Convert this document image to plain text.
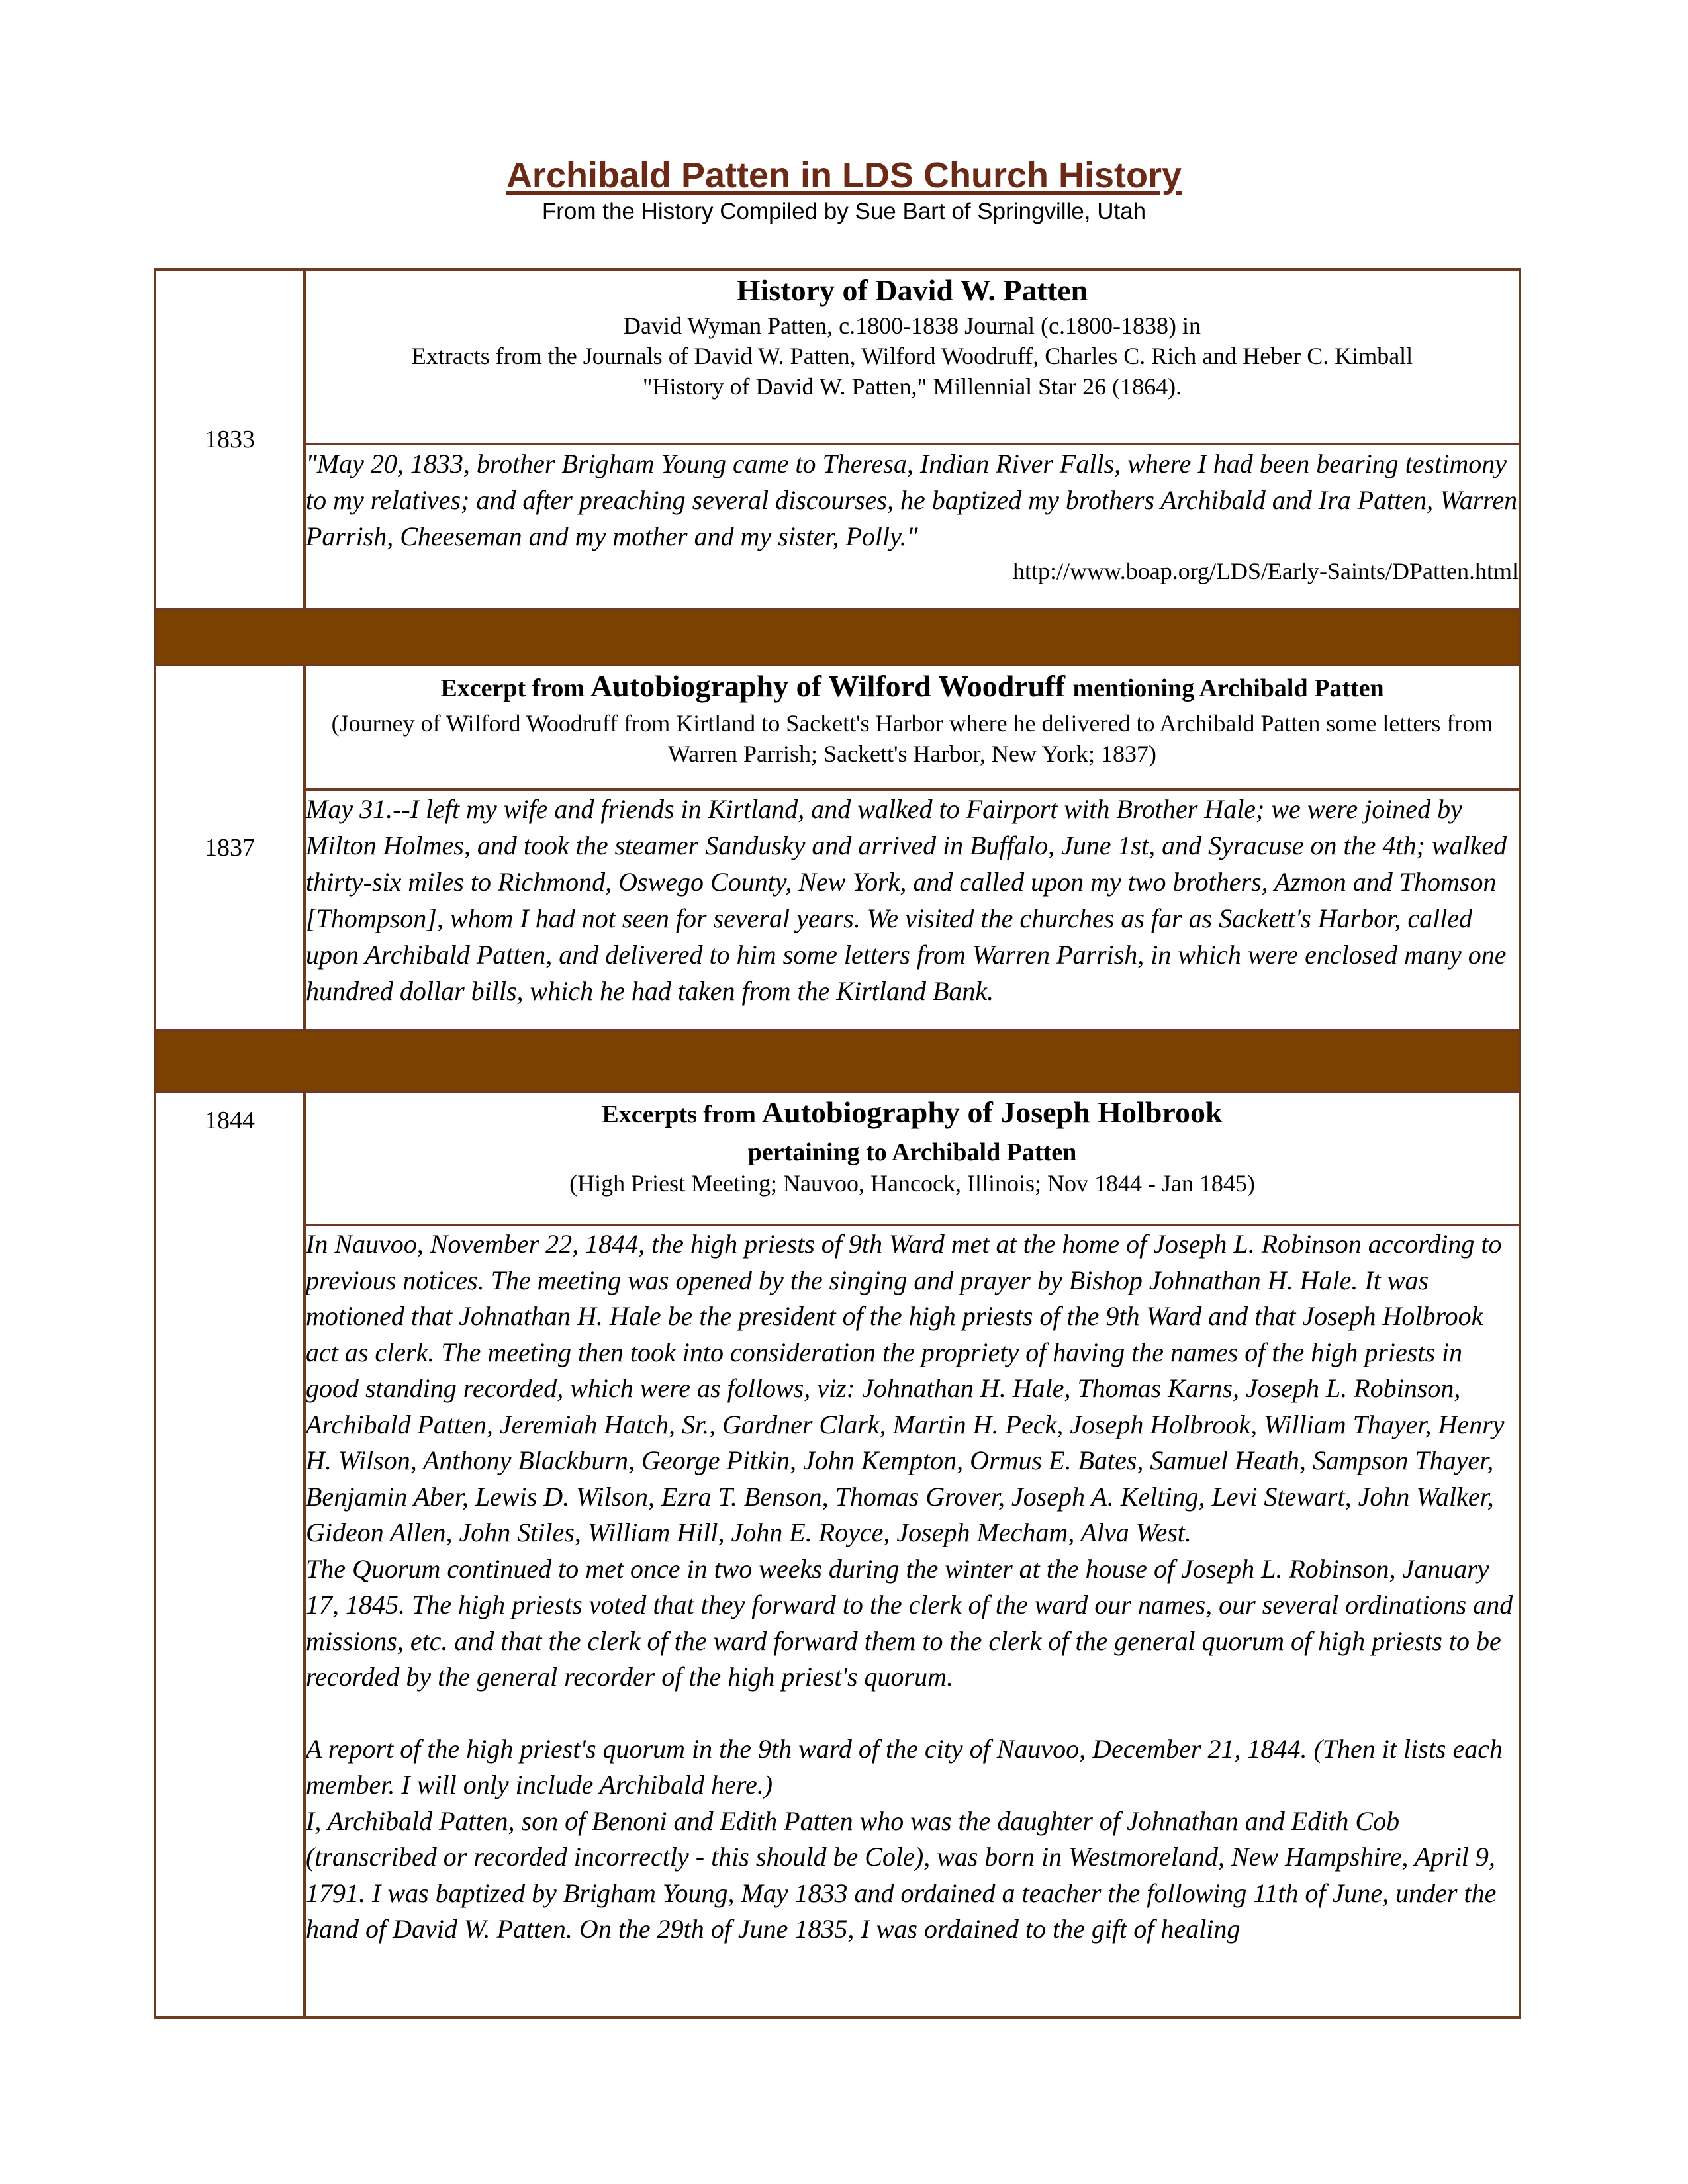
Archibald Patten in LDS Church History
From the History Compiled by Sue Bart of Springville, Utah
1833	History of David W. Patten
David Wyman Patten, c.1800-1838 Journal (c.1800-1838) in
Extracts from the Journals of David W. Patten, Wilford Woodruff, Charles C. Rich and Heber C. Kimball
"History of David W. Patten," Millennial Star 26 (1864).

	"May 20, 1833, brother Brigham Young came to Theresa, Indian River Falls, where I had been bearing testimony to my relatives; and after preaching several discourses, he baptized my brothers Archibald and Ira Patten, Warren Parrish, Cheeseman and my mother and my sister, Polly."
http://www.boap.org/LDS/Early-Saints/DPatten.html

1837	Excerpt from Autobiography of Wilford Woodruff mentioning Archibald Patten
(Journey of Wilford Woodruff from Kirtland to Sackett's Harbor where he delivered to Archibald Patten some letters from Warren Parrish; Sackett's Harbor, New York; 1837)

	May 31.--I left my wife and friends in Kirtland, and walked to Fairport with Brother Hale; we were joined by Milton Holmes, and took the steamer Sandusky and arrived in Buffalo, June 1st, and Syracuse on the 4th; walked thirty-six miles to Richmond, Oswego County, New York, and called upon my two brothers, Azmon and Thomson [Thompson], whom I had not seen for several years. We visited the churches as far as Sackett's Harbor, called upon Archibald Patten, and delivered to him some letters from Warren Parrish, in which were enclosed many one hundred dollar bills, which he had taken from the Kirtland Bank.

1844	Excerpts from Autobiography of Joseph Holbrook
pertaining to Archibald Patten
(High Priest Meeting; Nauvoo, Hancock, Illinois; Nov 1844 - Jan 1845)

	In Nauvoo, November 22, 1844, the high priests of 9th Ward met at the home of Joseph L. Robinson according to previous notices. The meeting was opened by the singing and prayer by Bishop Johnathan H. Hale. It was motioned that Johnathan H. Hale be the president of the high priests of the 9th Ward and that Joseph Holbrook act as clerk. The meeting then took into consideration the propriety of having the names of the high priests in good standing recorded, which were as follows, viz: Johnathan H. Hale, Thomas Karns, Joseph L. Robinson, Archibald Patten, Jeremiah Hatch, Sr., Gardner Clark, Martin H. Peck, Joseph Holbrook, William Thayer, Henry H. Wilson, Anthony Blackburn, George Pitkin, John Kempton, Ormus E. Bates, Samuel Heath, Sampson Thayer, Benjamin Aber, Lewis D. Wilson, Ezra T. Benson, Thomas Grover, Joseph A. Kelting, Levi Stewart, John Walker, Gideon Allen, John Stiles, William Hill, John E. Royce, Joseph Mecham, Alva West.

The Quorum continued to met once in two weeks during the winter at the house of Joseph L. Robinson, January 17, 1845. The high priests voted that they forward to the clerk of the ward our names, our several ordinations and missions, etc. and that the clerk of the ward forward them to the clerk of the general quorum of high priests to be recorded by the general recorder of the high priest's quorum.

A report of the high priest's quorum in the 9th ward of the city of Nauvoo, December 21, 1844. (Then it lists each member. I will only include Archibald here.)

I, Archibald Patten, son of Benoni and Edith Patten who was the daughter of Johnathan and Edith Cob (transcribed or recorded incorrectly - this should be Cole), was born in Westmoreland, New Hampshire, April 9, 1791. I was baptized by Brigham Young, May 1833 and ordained a teacher the following 11th of June, under the hand of David W. Patten. On the 29th of June 1835, I was ordained to the gift of healing
